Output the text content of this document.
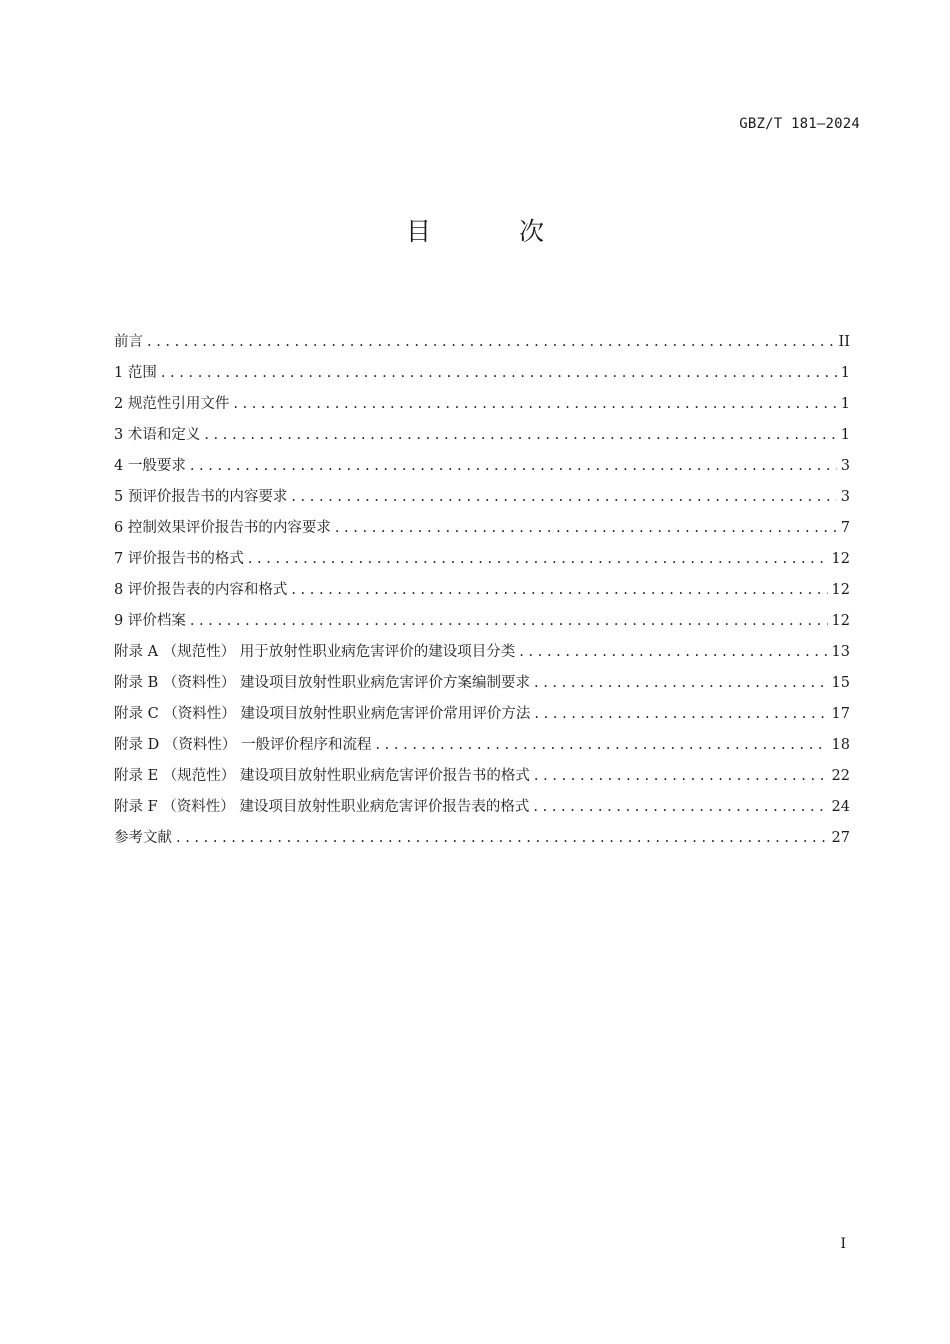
GBZ/T 181—2024
目 次
前言 . . .	II
1 范围 . . .	1
2 规范性引用文件 . . .	1
3 术语和定义 . . .	1
4 一般要求 . . .	3
5 预评价报告书的内容要求 . . .	3
6 控制效果评价报告书的内容要求 . . .	7
7 评价报告书的格式 . . .	12
8 评价报告表的内容和格式 . . .	12
9 评价档案 . . .	12
附录 A （规范性） 用于放射性职业病危害评价的建设项目分类 . . .	13
附录 B （资料性） 建设项目放射性职业病危害评价方案编制要求 . . .	15
附录 C （资料性） 建设项目放射性职业病危害评价常用评价方法 . . .	17
附录 D （资料性） 一般评价程序和流程 . . .	18
附录 E （规范性） 建设项目放射性职业病危害评价报告书的格式 . . .	22
附录 F （资料性） 建设项目放射性职业病危害评价报告表的格式 . . .	24
参考文献 . . .	27
I
